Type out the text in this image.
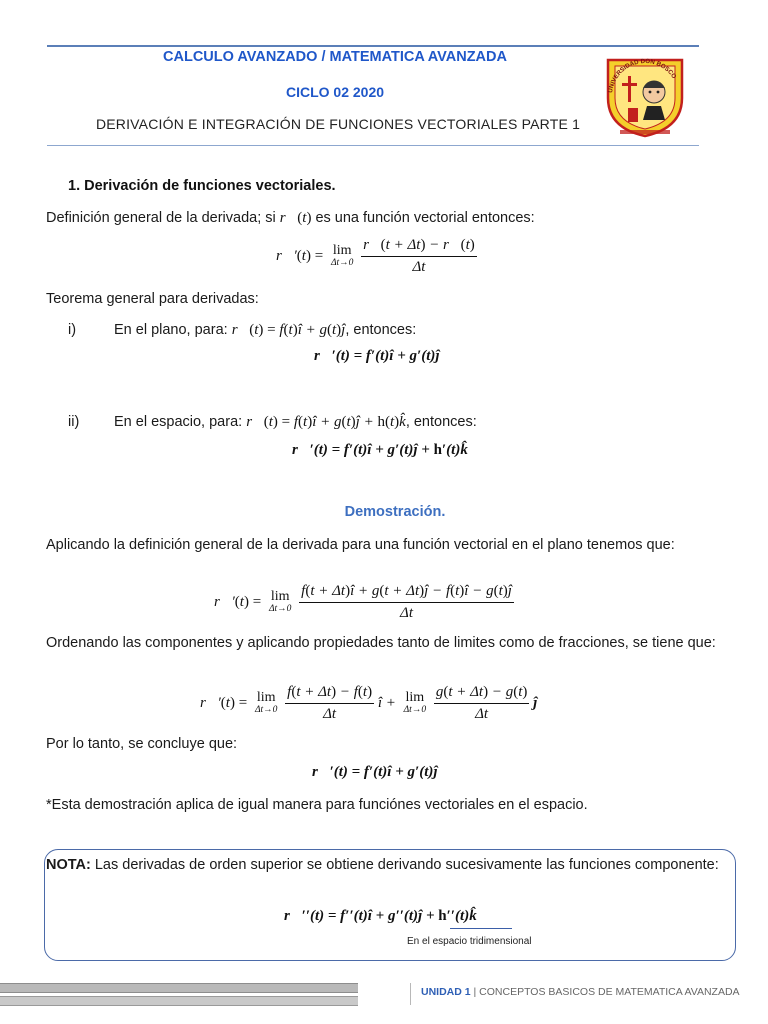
CALCULO AVANZADO / MATEMATICA AVANZADA
CICLO 02 2020
DERIVACIÓN E INTEGRACIÓN DE FUNCIONES VECTORIALES PARTE 1
UNIVERSIDAD DON BOSCO
1. Derivación de funciones vectoriales.
Definición general de la derivada; si r⃗(t) es una función vectorial entonces:
r⃗′(t) = lim
Δt→0
$\frac{r⃗(t + \Delta t) - r⃗(t)}{\Delta t}$
Teorema general para derivadas:
i)	En el plano, para: r⃗(t) = f(t)î + g(t)ĵ, entonces:
r⃗′(t) = f′(t)î + g′(t)ĵ
ii) En el espacio, para: r⃗(t) = f(t)î + g(t)ĵ + h(t)k̂, entonces:
r⃗′(t) = f′(t)î + g′(t)ĵ + h′(t)k̂
Demostración.
Aplicando la definición general de la derivada para una función vectorial en el plano tenemos que:
r⃗′(t) = lim
Δt→0
$\frac{f(t + \Delta t)î + g(t + \Delta t)ĵ - f(t)î - g(t)ĵ}{\Delta t}$
Ordenando las componentes y aplicando propiedades tanto de limites como de fracciones, se tiene que:
r⃗′(t) = lim
Δt→0
$\frac{f(t + \Delta t) - f(t)}{\Delta t}$ î + lim
Δt→0
$\frac{g(t + \Delta t) - g(t)}{\Delta t}$ ĵ
Por lo tanto, se concluye que:
r⃗′(t) = f′(t)î + g′(t)ĵ
*Esta demostración aplica de igual manera para funciónes vectoriales en el espacio.
NOTA: Las derivadas de orden superior se obtiene derivando sucesivamente las funciones componente:
r⃗′′(t) = f′′(t)î + g′′(t)ĵ + h′′(t)k̂
En el espacio tridimensional
UNIDAD 1 | CONCEPTOS BASICOS DE MATEMATICA AVANZADA
